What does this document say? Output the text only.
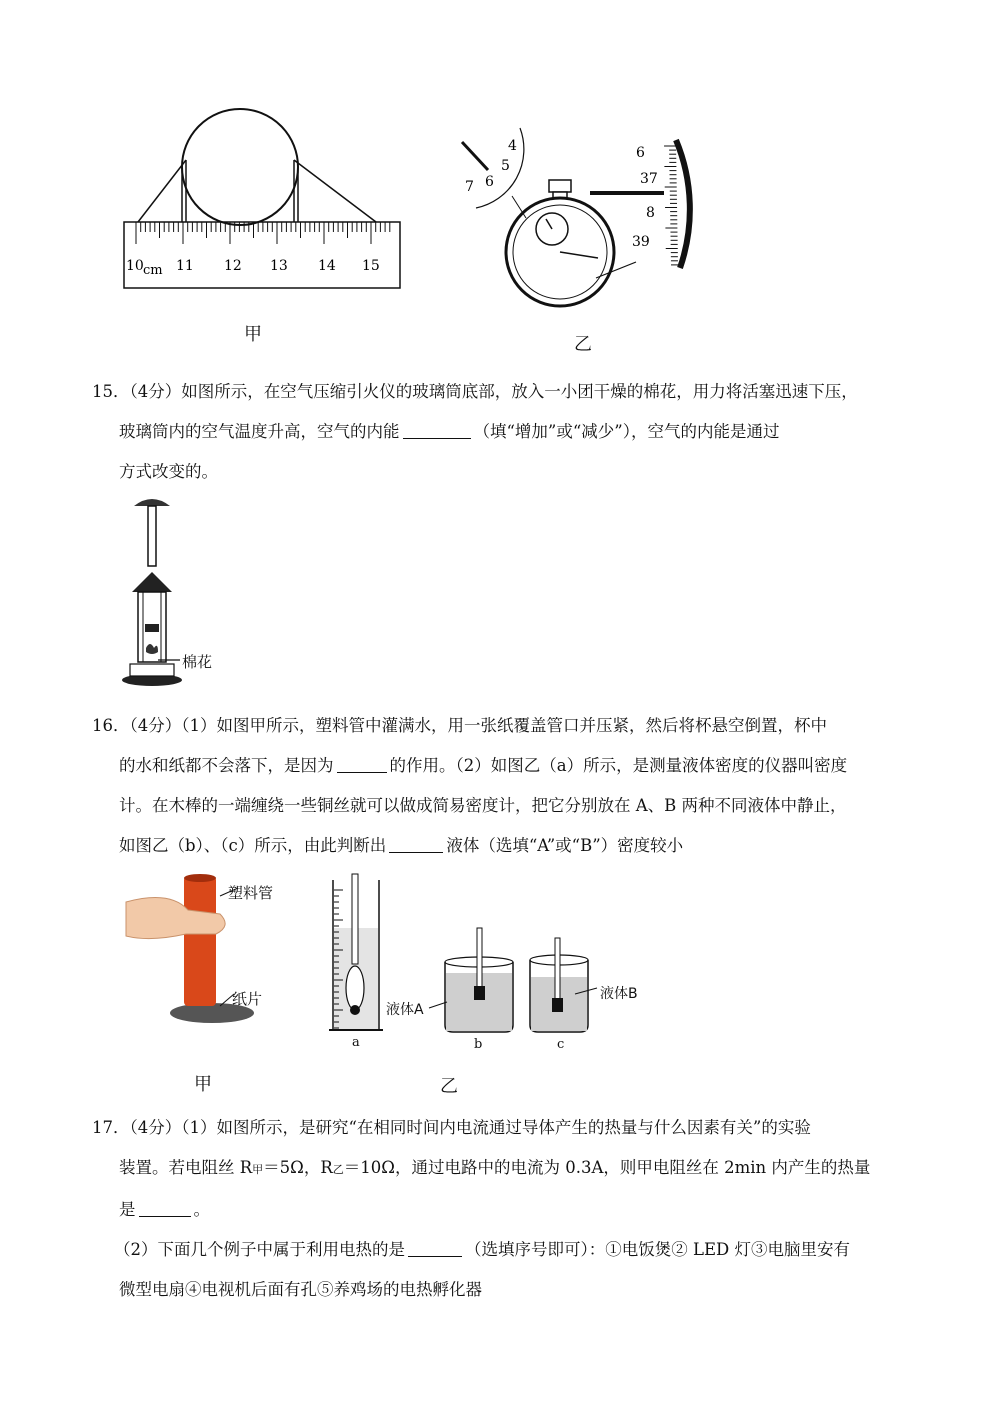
10 cm 11 12 13 14 15
4
5
6
7
6
37
8
39
甲	乙
15．（4分）如图所示，在空气压缩引火仪的玻璃筒底部，放入一小团干燥的棉花，用力将活塞迅速下压，
玻璃筒内的空气温度升高，空气的内能	（填“增加”或“减少”），空气的内能是通过
方式改变的。
棉花
16．（4分）（1）如图甲所示，塑料管中灌满水，用一张纸覆盖管口并压紧，然后将杯悬空倒置，杯中
的水和纸都不会落下，是因为	的作用。（2）如图乙（a）所示，是测量液体密度的仪器叫密度
计。在木棒的一端缠绕一些铜丝就可以做成简易密度计，把它分别放在 A、B 两种不同液体中静止，
如图乙（b）、（c）所示，由此判断出	液体（选填“A”或“B”）密度较小
塑料管
纸片
液体A
液体B
a	b	c
甲	乙
17．（4分）（1）如图所示，是研究“在相同时间内电流通过导体产生的热量与什么因素有关”的实验
装置。若电阻丝 R甲＝5Ω，R乙＝10Ω，通过电路中的电流为 0.3A，则甲电阻丝在 2min 内产生的热量
是	。
（2）下面几个例子中属于利用电热的是	（选填序号即可）：①电饭煲② LED 灯③电脑里安有
微型电扇④电视机后面有孔⑤养鸡场的电热孵化器
